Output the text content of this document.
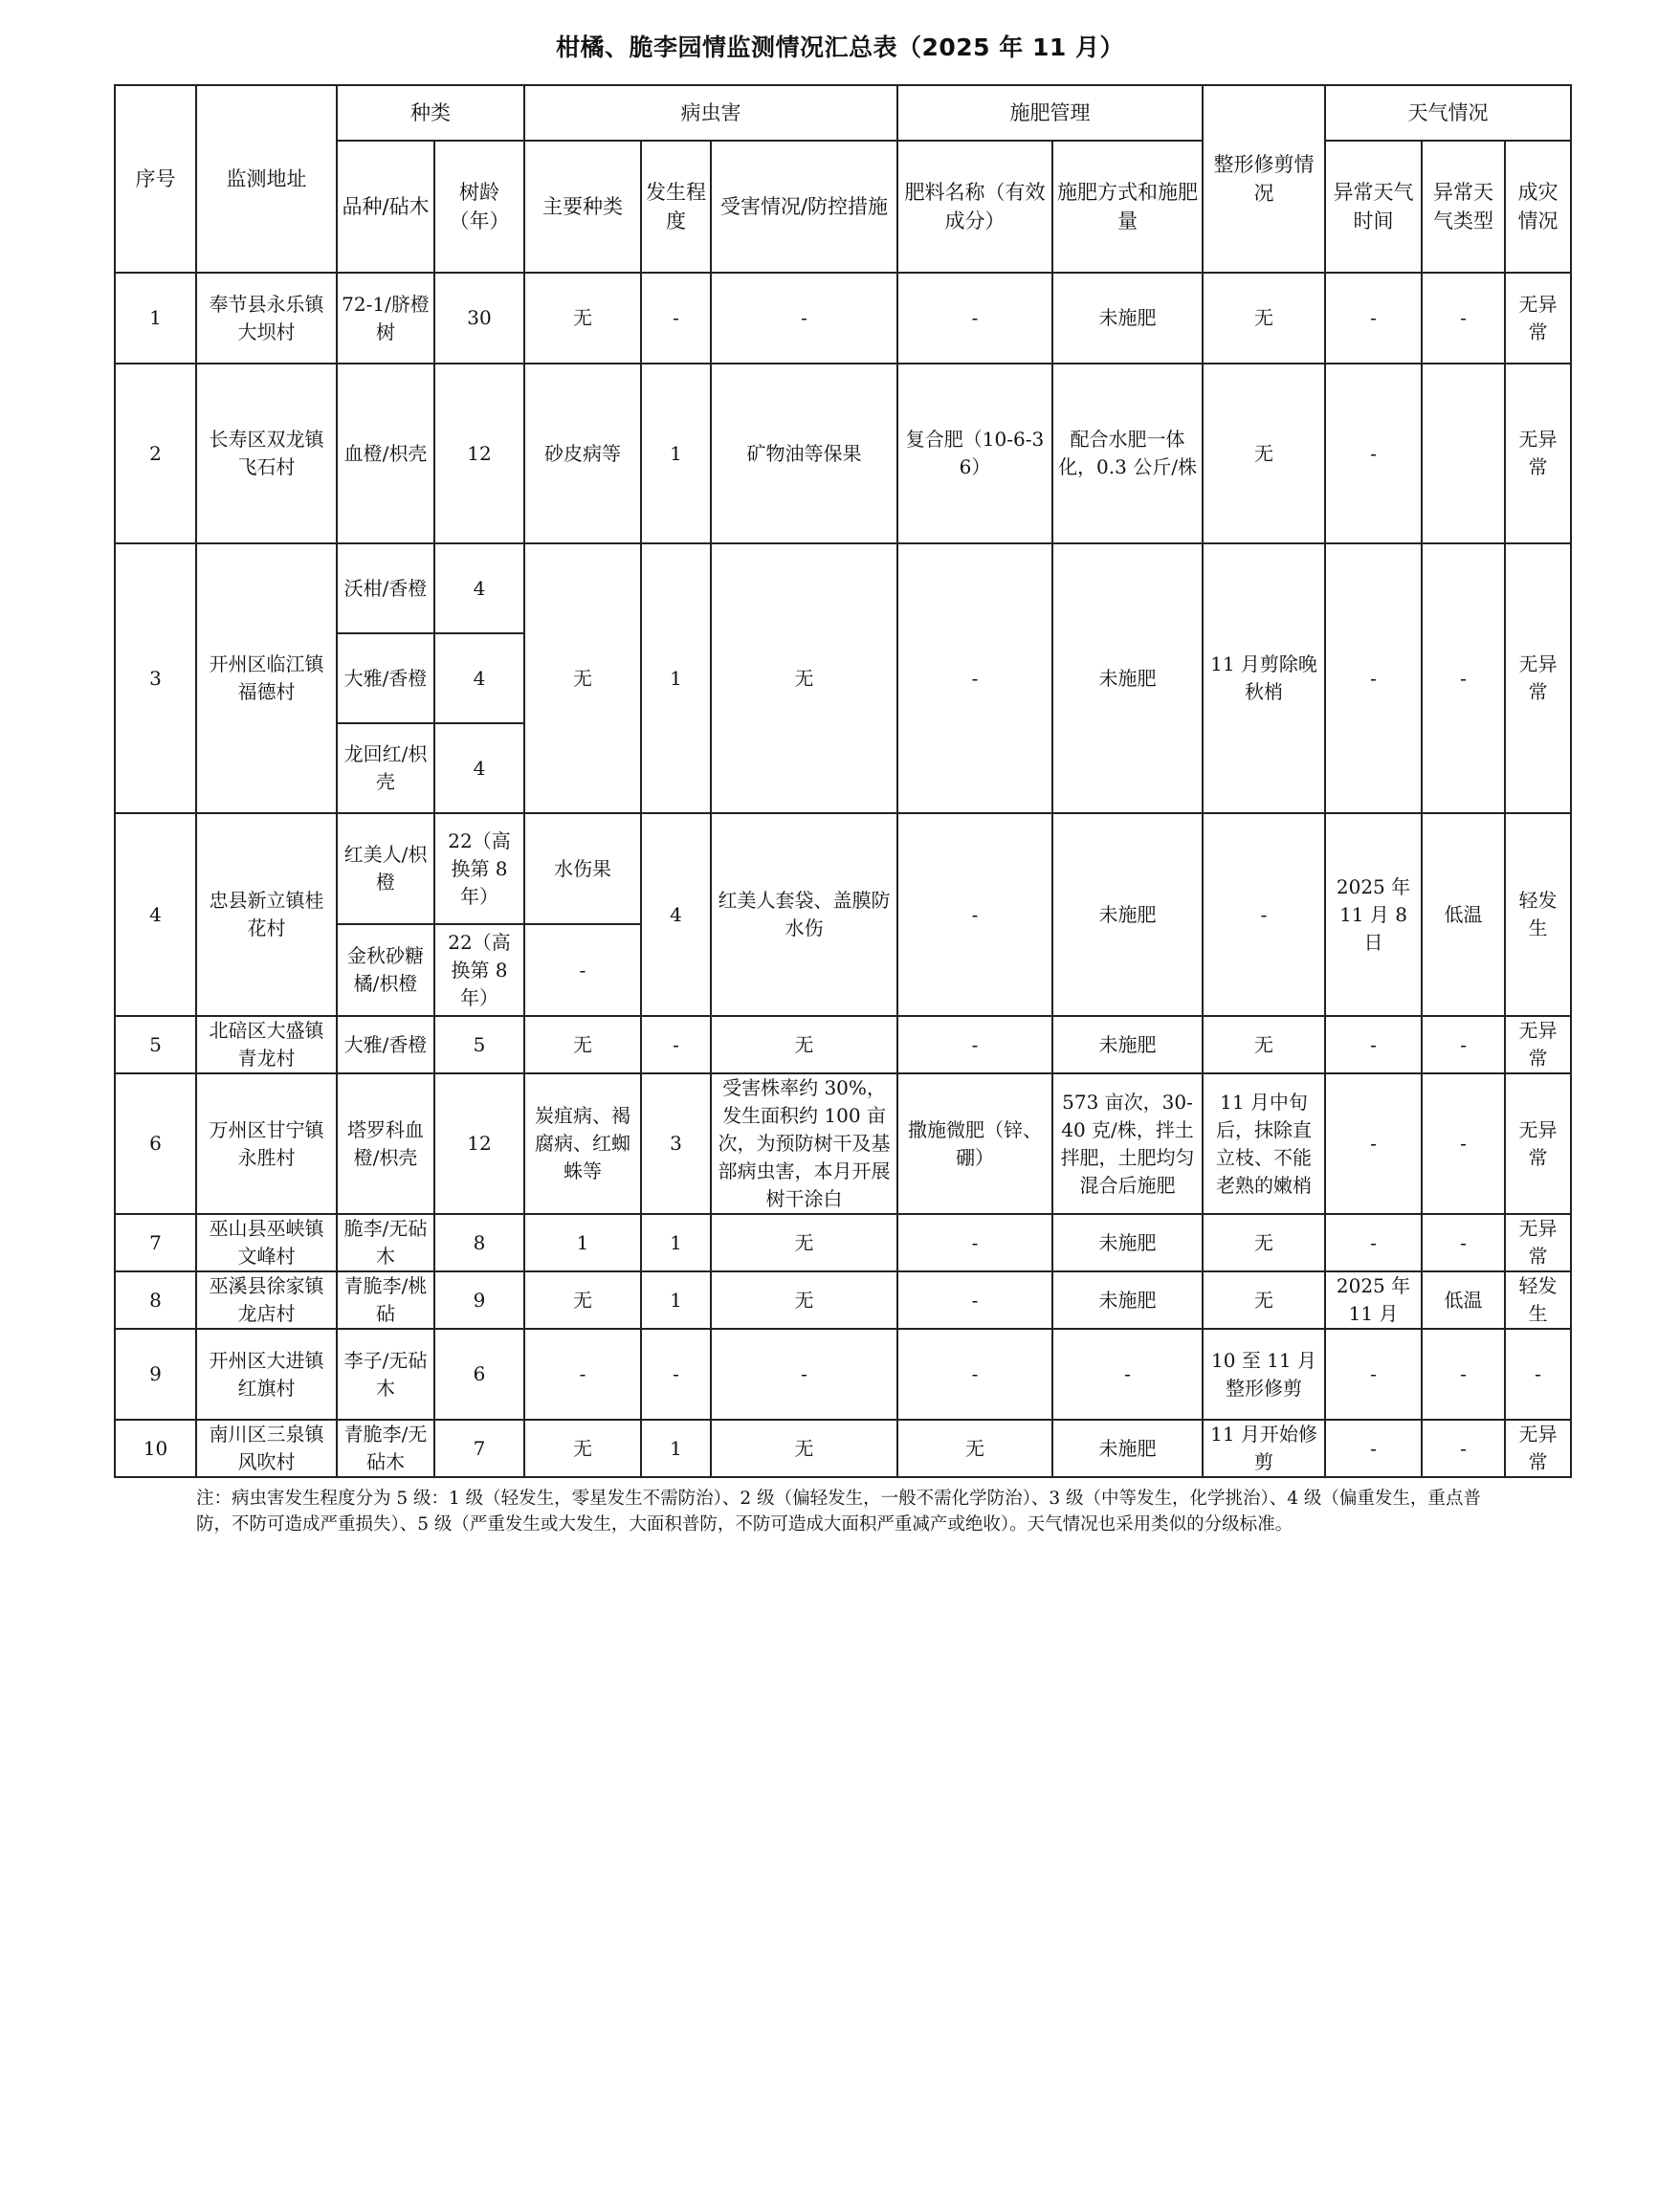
柑橘、脆李园情监测情况汇总表（2025 年 11 月）
序号	监测地址	种类		病虫害			施肥管理		整形修剪情况	天气情况		
		品种/砧木	树龄（年）	主要种类	发生程度	受害情况/防控措施	肥料名称（有效成分）	施肥方式和施肥量		异常天气时间	异常天气类型	成灾情况
1	奉节县永乐镇大坝村	72-1/脐橙树	30	无	-	-	-	未施肥	无	-	-	无异常
2	长寿区双龙镇飞石村	血橙/枳壳	12	砂皮病等	1	矿物油等保果	复合肥（10-6-36）	配合水肥一体化，0.3 公斤/株	无	-		无异常
3	开州区临江镇福德村	沃柑/香橙	4	无	1	无	-	未施肥	11 月剪除晚秋梢	-	-	无异常
		大雅/香橙	4									
		龙回红/枳壳	4									
4	忠县新立镇桂花村	红美人/枳橙	22（高换第 8 年）	水伤果	4	红美人套袋、盖膜防水伤	-	未施肥	-	2025 年 11 月 8 日	低温	轻发生
		金秋砂糖橘/枳橙	22（高换第 8 年）	-								
5	北碚区大盛镇青龙村	大雅/香橙	5	无	-	无	-	未施肥	无	-	-	无异常
6	万州区甘宁镇永胜村	塔罗科血橙/枳壳	12	炭疽病、褐腐病、红蜘蛛等	3	受害株率约 30%，发生面积约 100 亩次，为预防树干及基部病虫害，本月开展树干涂白	撒施微肥（锌、硼）	573 亩次，30-40 克/株，拌土拌肥，土肥均匀混合后施肥	11 月中旬后，抹除直立枝、不能老熟的嫩梢	-	-	无异常
7	巫山县巫峡镇文峰村	脆李/无砧木	8	1	1	无	-	未施肥	无	-	-	无异常
8	巫溪县徐家镇龙店村	青脆李/桃砧	9	无	1	无	-	未施肥	无	2025 年 11 月	低温	轻发生
9	开州区大进镇红旗村	李子/无砧木	6	-	-	-	-	-	10 至 11 月整形修剪	-	-	-
10	南川区三泉镇风吹村	青脆李/无砧木	7	无	1	无	无	未施肥	11 月开始修剪	-	-	无异常
注：病虫害发生程度分为 5 级：1 级（轻发生，零星发生不需防治）、2 级（偏轻发生，一般不需化学防治）、3 级（中等发生，化学挑治）、4 级（偏重发生，重点普防，不防可造成严重损失）、5 级（严重发生或大发生，大面积普防，不防可造成大面积严重减产或绝收）。天气情况也采用类似的分级标准。
